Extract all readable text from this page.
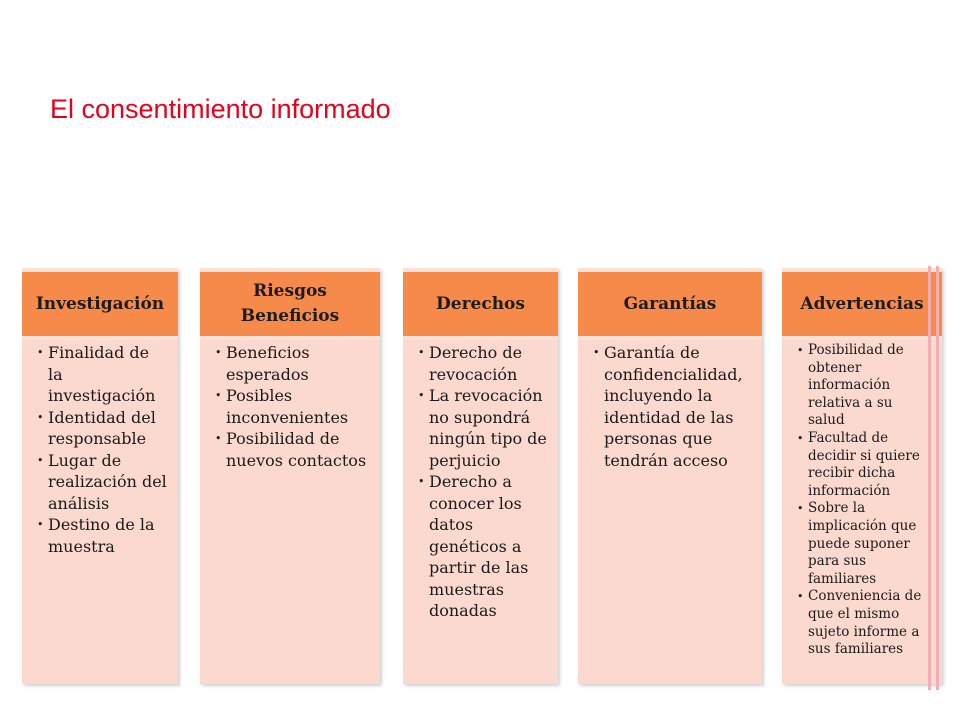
El consentimiento informado
Investigación
• Finalidad de la investigación
• Identidad del responsable
• Lugar de realización del análisis
• Destino de la muestra
Riesgos
Beneficios
• Beneficios esperados
• Posibles inconvenientes
• Posibilidad de nuevos contactos
Derechos
• Derecho de revocación
• La revocación no supondrá ningún tipo de perjuicio
• Derecho a conocer los datos genéticos a partir de las muestras donadas
Garantías
• Garantía de confidencialidad, incluyendo la identidad de las personas que tendrán acceso
Advertencias
• Posibilidad de obtener información relativa a su salud
• Facultad de decidir si quiere recibir dicha información
• Sobre la implicación que puede suponer para sus familiares
• Conveniencia de que el mismo sujeto informe a sus familiares
